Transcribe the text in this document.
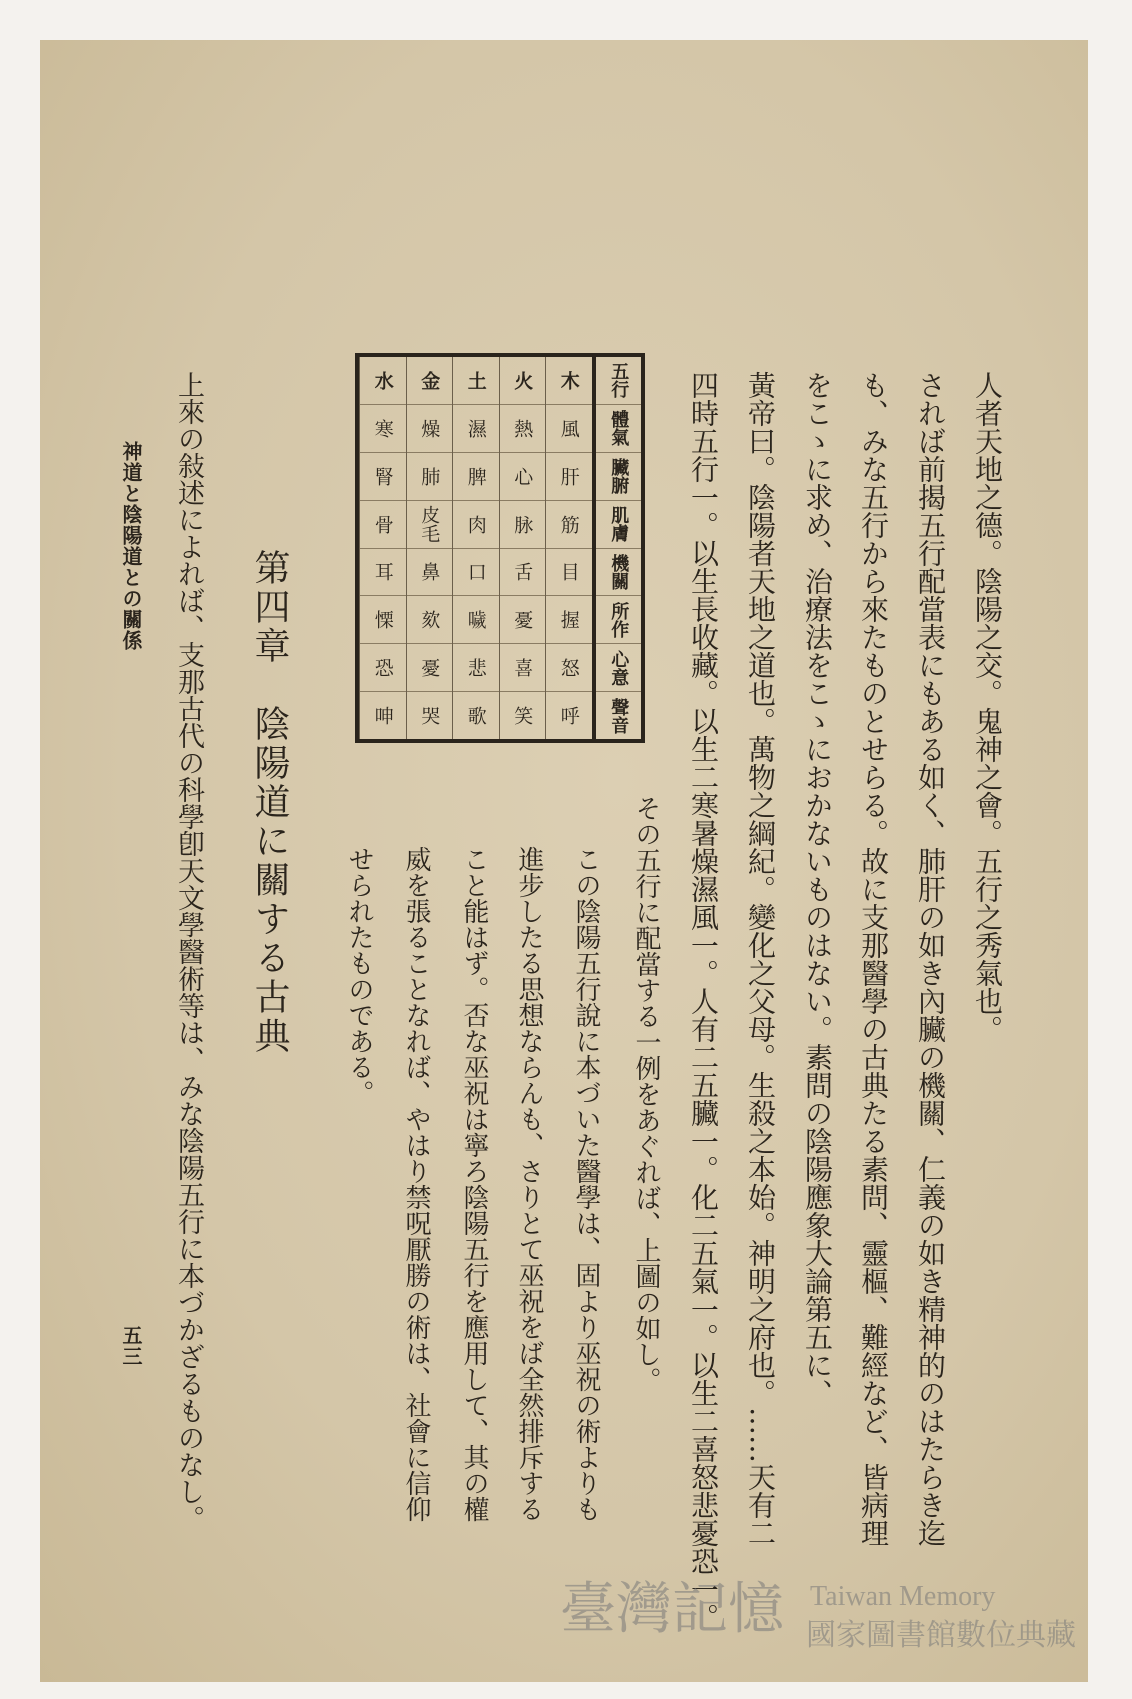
人者天地之德。陰陽之交。鬼神之會。五行之秀氣也。
されば前揭五行配當表にもある如く、肺肝の如き內臟の機關、仁義の如き精神的のはたらき迄
も、みな五行から來たものとせらる。故に支那醫學の古典たる素問、靈樞、難經など、皆病理
をこゝに求め、治療法をこゝにおかないものはない。素問の陰陽應象大論第五に、
黃帝曰。陰陽者天地之道也。萬物之綱紀。變化之父母。生殺之本始。神明之府也。……天有㆓
四時五行㆒。以生長收藏。以生㆓寒暑燥濕風㆒。人有㆓五臟㆒。化㆓五氣㆒。以生㆓喜怒悲憂恐㆒。
五行
體氣
臟腑
肌膚
機關
所作
心意
聲音
木
風
肝
筋
目
握
怒
呼
火
熱
心
脉
舌
憂
喜
笑
土
濕
脾
肉
口
噦
悲
歌
金
燥
肺
皮毛
鼻
欬
憂
哭
水
寒
腎
骨
耳
慄
恐
呻
その五行に配當する一例をあぐれば、上圖の如し。
この陰陽五行說に本づいた醫學は、固より巫祝の術よりも
進步したる思想ならんも、さりとて巫祝をば全然排斥する
こと能はず。否な巫祝は寧ろ陰陽五行を應用して、其の權
威を張ることなれば、やはり禁呪厭勝の術は、社會に信仰
せられたものである。
第四章　陰陽道に關する古典
上來の敍述によれば、支那古代の科學卽天文學醫術等は、みな陰陽五行に本づかざるものなし。
神道と陰陽道との關係
五三
臺灣記憶 Taiwan Memory
國家圖書館數位典藏
